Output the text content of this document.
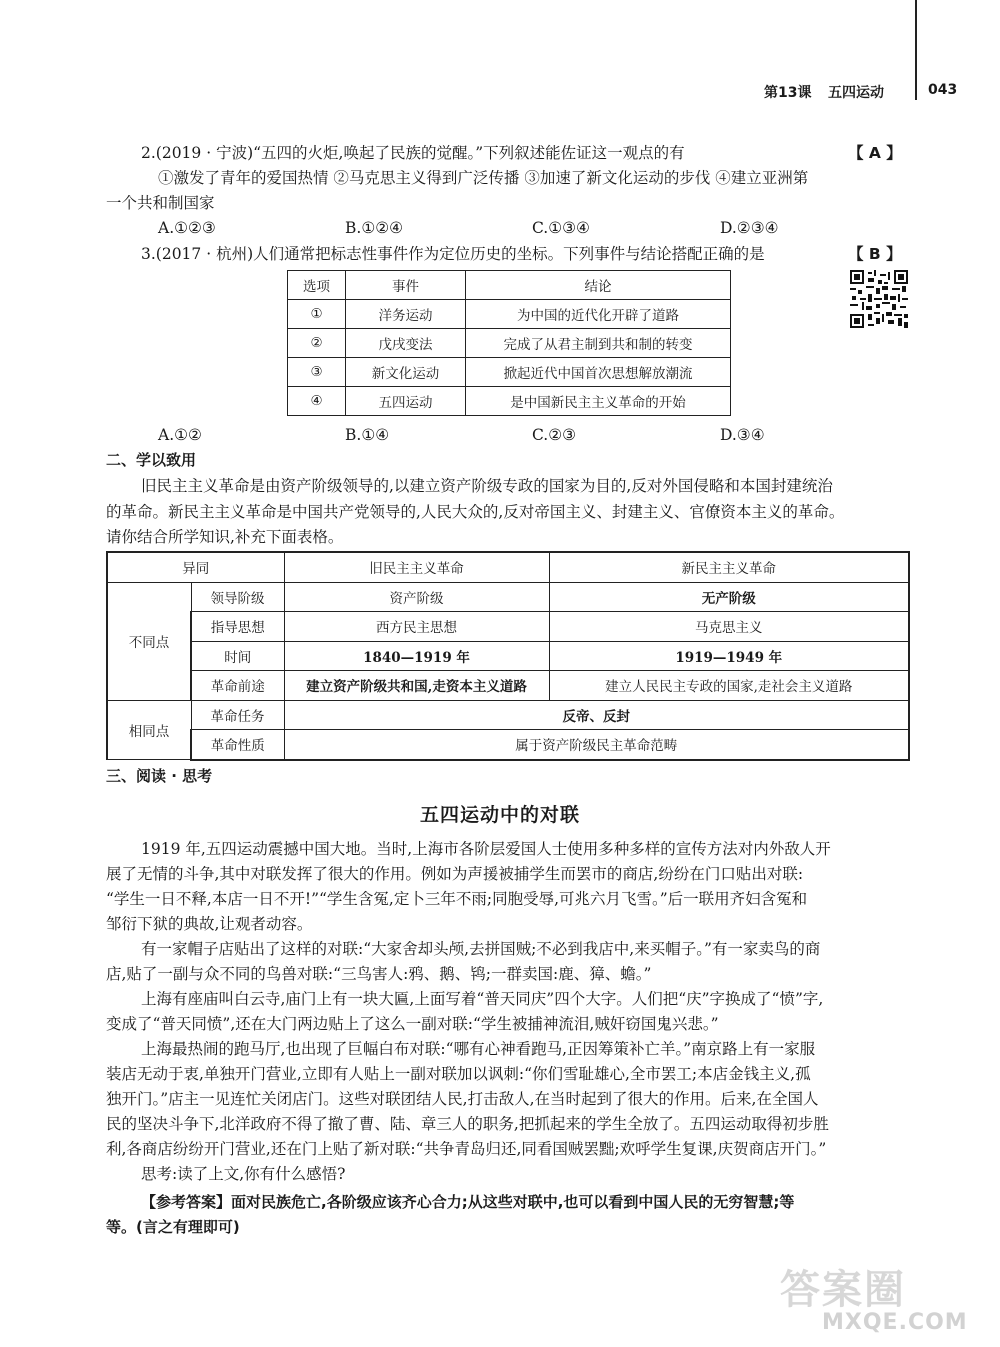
第13课 五四运动	043
2.(2019 · 宁波)“五四的火炬,唤起了民族的觉醒。”下列叙述能佐证这一观点的有	【 A 】
①激发了青年的爱国热情 ②马克思主义得到广泛传播 ③加速了新文化运动的步伐 ④建立亚洲第
一个共和制国家
A.①②③	B.①②④	C.①③④	D.②③④
3.(2017 · 杭州)人们通常把标志性事件作为定位历史的坐标。下列事件与结论搭配正确的是	【 B 】
选项	事件	结论
①	洋务运动	为中国的近代化开辟了道路
②	戊戌变法	完成了从君主制到共和制的转变
③	新文化运动	掀起近代中国首次思想解放潮流
④	五四运动	是中国新民主主义革命的开始
A.①②	B.①④	C.②③	D.③④
二、学以致用
旧民主主义革命是由资产阶级领导的,以建立资产阶级专政的国家为目的,反对外国侵略和本国封建统治
的革命。新民主主义革命是中国共产党领导的,人民大众的,反对帝国主义、封建主义、官僚资本主义的革命。
请你结合所学知识,补充下面表格。
异同		旧民主主义革命	新民主主义革命
不同点	领导阶级	资产阶级	无产阶级
	指导思想	西方民主思想	马克思主义
	时间	1840—1919 年	1919—1949 年
	革命前途	建立资产阶级共和国,走资本主义道路	建立人民民主专政的国家,走社会主义道路
相同点	革命任务	反帝、反封	
	革命性质	属于资产阶级民主革命范畴	
三、阅读 · 思考
五四运动中的对联
1919 年,五四运动震撼中国大地。当时,上海市各阶层爱国人士使用多种多样的宣传方法对内外敌人开
展了无情的斗争,其中对联发挥了很大的作用。例如为声援被捕学生而罢市的商店,纷纷在门口贴出对联:
“学生一日不释,本店一日不开!”“学生含冤,定卜三年不雨;同胞受辱,可兆六月飞雪。”后一联用齐妇含冤和
邹衍下狱的典故,让观者动容。
有一家帽子店贴出了这样的对联:“大家舍却头颅,去拼国贼;不必到我店中,来买帽子。”有一家卖鸟的商
店,贴了一副与众不同的鸟兽对联:“三鸟害人:鸦、鹅、鸨;一群卖国:鹿、獐、蟾。”
上海有座庙叫白云寺,庙门上有一块大匾,上面写着“普天同庆”四个大字。人们把“庆”字换成了“愤”字,
变成了“普天同愤”,还在大门两边贴上了这么一副对联:“学生被捕神流泪,贼奸窃国鬼兴悲。”
上海最热闹的跑马厅,也出现了巨幅白布对联:“哪有心神看跑马,正因筹策补亡羊。”南京路上有一家服
装店无动于衷,单独开门营业,立即有人贴上一副对联加以讽刺:“你们雪耻雄心,全市罢工;本店金钱主义,孤
独开门。”店主一见连忙关闭店门。这些对联团结人民,打击敌人,在当时起到了很大的作用。后来,在全国人
民的坚决斗争下,北洋政府不得了撤了曹、陆、章三人的职务,把抓起来的学生全放了。五四运动取得初步胜
利,各商店纷纷开门营业,还在门上贴了新对联:“共争青岛归还,同看国贼罢黜;欢呼学生复课,庆贺商店开门。”
思考:读了上文,你有什么感悟?
【参考答案】面对民族危亡,各阶级应该齐心合力;从这些对联中,也可以看到中国人民的无穷智慧;等
等。(言之有理即可)
答案圈
MXQE.COM
